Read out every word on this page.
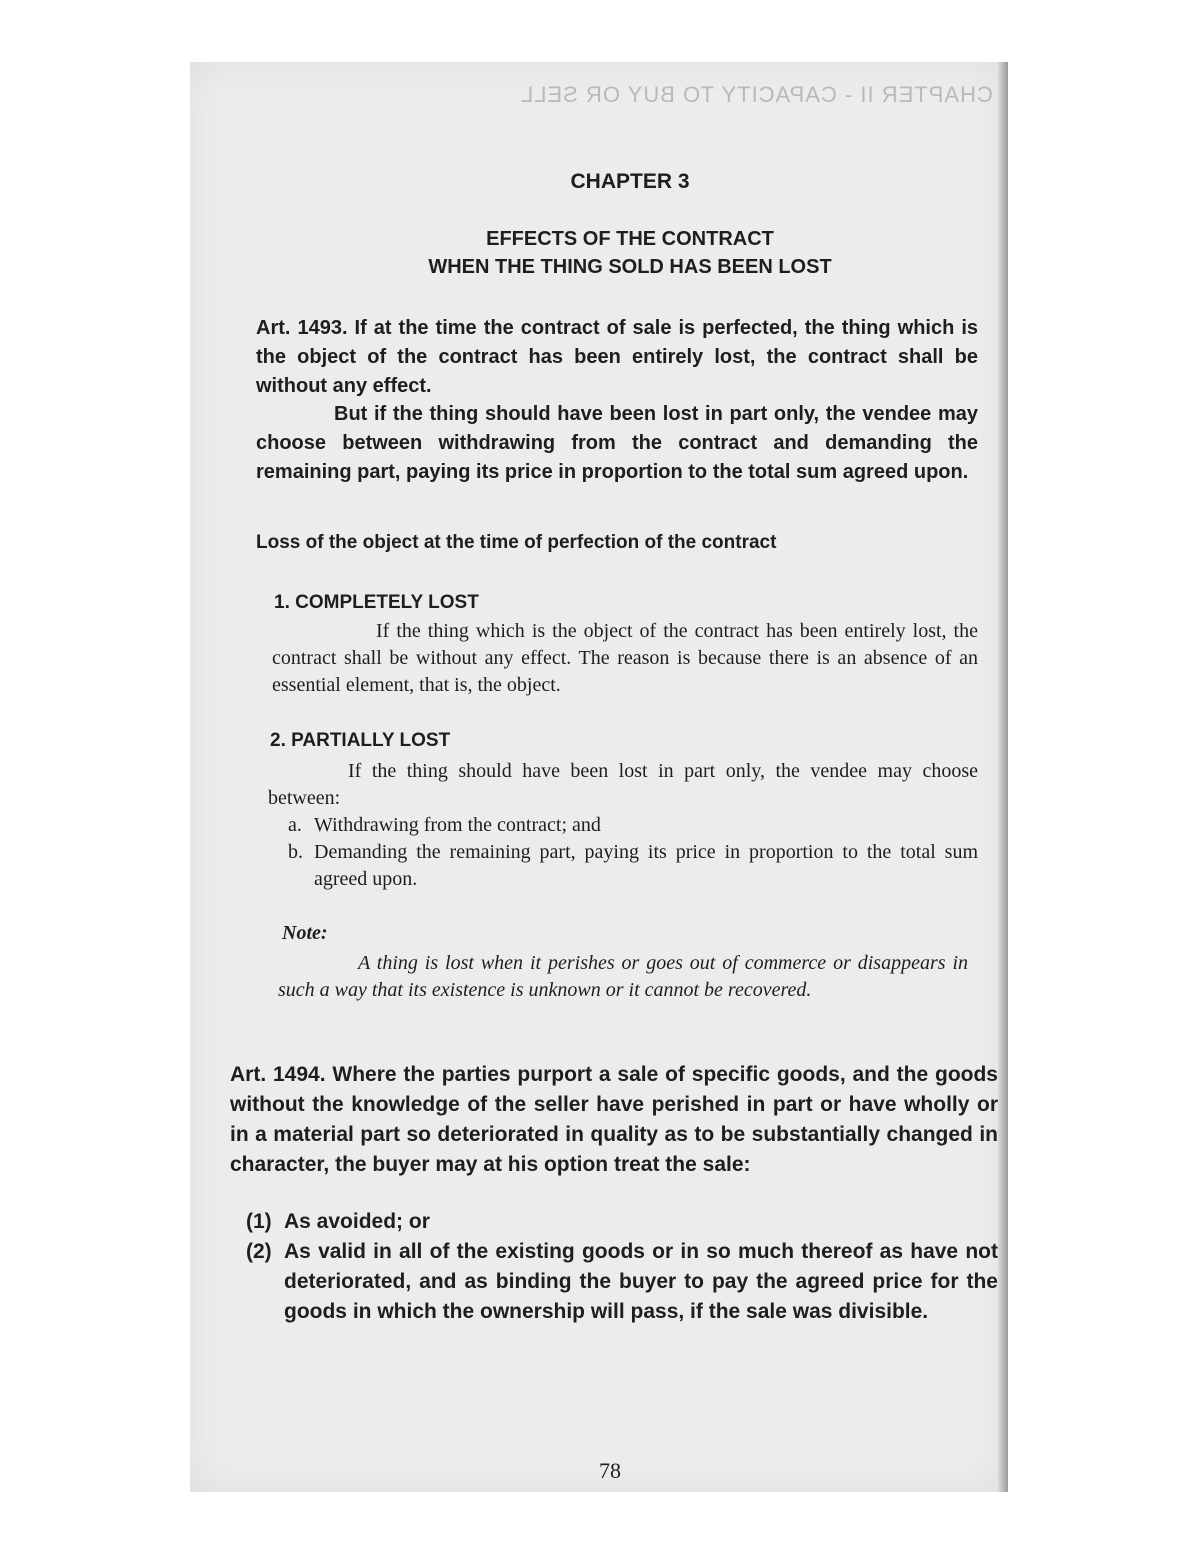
CHAPTER II - CAPACITY TO BUY OR SELL
CHAPTER 3
EFFECTS OF THE CONTRACT
WHEN THE THING SOLD HAS BEEN LOST
Art. 1493. If at the time the contract of sale is perfected, the thing which is the object of the contract has been entirely lost, the contract shall be without any effect.
But if the thing should have been lost in part only, the vendee may choose between withdrawing from the contract and demanding the remaining part, paying its price in proportion to the total sum agreed upon.
Loss of the object at the time of perfection of the contract
1. COMPLETELY LOST
If the thing which is the object of the contract has been entirely lost, the contract shall be without any effect. The reason is because there is an absence of an essential element, that is, the object.
2. PARTIALLY LOST
If the thing should have been lost in part only, the vendee may choose between:
a. Withdrawing from the contract; and
b. Demanding the remaining part, paying its price in proportion to the total sum agreed upon.
Note:
A thing is lost when it perishes or goes out of commerce or disappears in such a way that its existence is unknown or it cannot be recovered.
Art. 1494. Where the parties purport a sale of specific goods, and the goods without the knowledge of the seller have perished in part or have wholly or in a material part so deteriorated in quality as to be substantially changed in character, the buyer may at his option treat the sale:
(1) As avoided; or
(2) As valid in all of the existing goods or in so much thereof as have not deteriorated, and as binding the buyer to pay the agreed price for the goods in which the ownership will pass, if the sale was divisible.
78
